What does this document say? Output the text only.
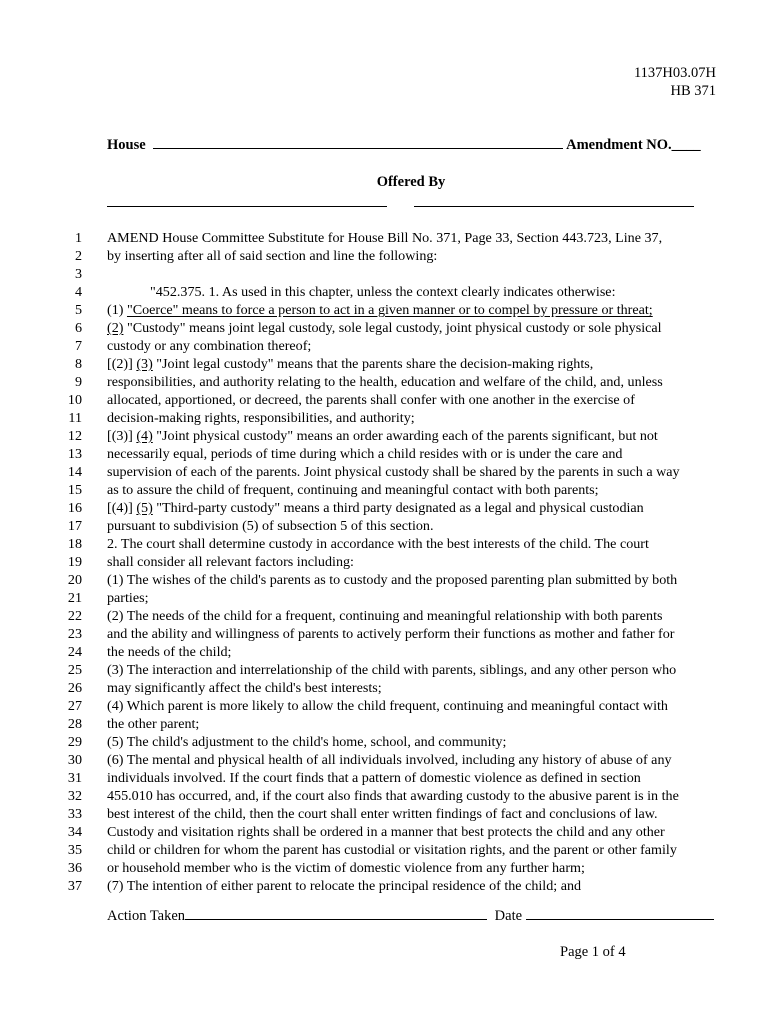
1137H03.07H
HB 371
House	Amendment NO.____
Offered By
1 AMEND House Committee Substitute for House Bill No. 371, Page 33, Section 443.723, Line 37,
2 by inserting after all of said section and line the following:
3
4	"452.375. 1. As used in this chapter, unless the context clearly indicates otherwise:
5 (1) "Coerce" means to force a person to act in a given manner or to compel by pressure or threat;
6 (2) "Custody" means joint legal custody, sole legal custody, joint physical custody or sole physical
7 custody or any combination thereof;
8 [(2)] (3) "Joint legal custody" means that the parents share the decision-making rights,
9 responsibilities, and authority relating to the health, education and welfare of the child, and, unless
10 allocated, apportioned, or decreed, the parents shall confer with one another in the exercise of
11 decision-making rights, responsibilities, and authority;
12 [(3)] (4) "Joint physical custody" means an order awarding each of the parents significant, but not
13 necessarily equal, periods of time during which a child resides with or is under the care and
14 supervision of each of the parents. Joint physical custody shall be shared by the parents in such a way
15 as to assure the child of frequent, continuing and meaningful contact with both parents;
16 [(4)] (5) "Third-party custody" means a third party designated as a legal and physical custodian
17 pursuant to subdivision (5) of subsection 5 of this section.
18 2. The court shall determine custody in accordance with the best interests of the child. The court
19 shall consider all relevant factors including:
20 (1) The wishes of the child's parents as to custody and the proposed parenting plan submitted by both
21 parties;
22 (2) The needs of the child for a frequent, continuing and meaningful relationship with both parents
23 and the ability and willingness of parents to actively perform their functions as mother and father for
24 the needs of the child;
25 (3) The interaction and interrelationship of the child with parents, siblings, and any other person who
26 may significantly affect the child's best interests;
27 (4) Which parent is more likely to allow the child frequent, continuing and meaningful contact with
28 the other parent;
29 (5) The child's adjustment to the child's home, school, and community;
30 (6) The mental and physical health of all individuals involved, including any history of abuse of any
31 individuals involved. If the court finds that a pattern of domestic violence as defined in section
32 455.010 has occurred, and, if the court also finds that awarding custody to the abusive parent is in the
33 best interest of the child, then the court shall enter written findings of fact and conclusions of law.
34 Custody and visitation rights shall be ordered in a manner that best protects the child and any other
35 child or children for whom the parent has custodial or visitation rights, and the parent or other family
36 or household member who is the victim of domestic violence from any further harm;
37 (7) The intention of either parent to relocate the principal residence of the child; and
Action Taken	Date
Page 1 of 4
